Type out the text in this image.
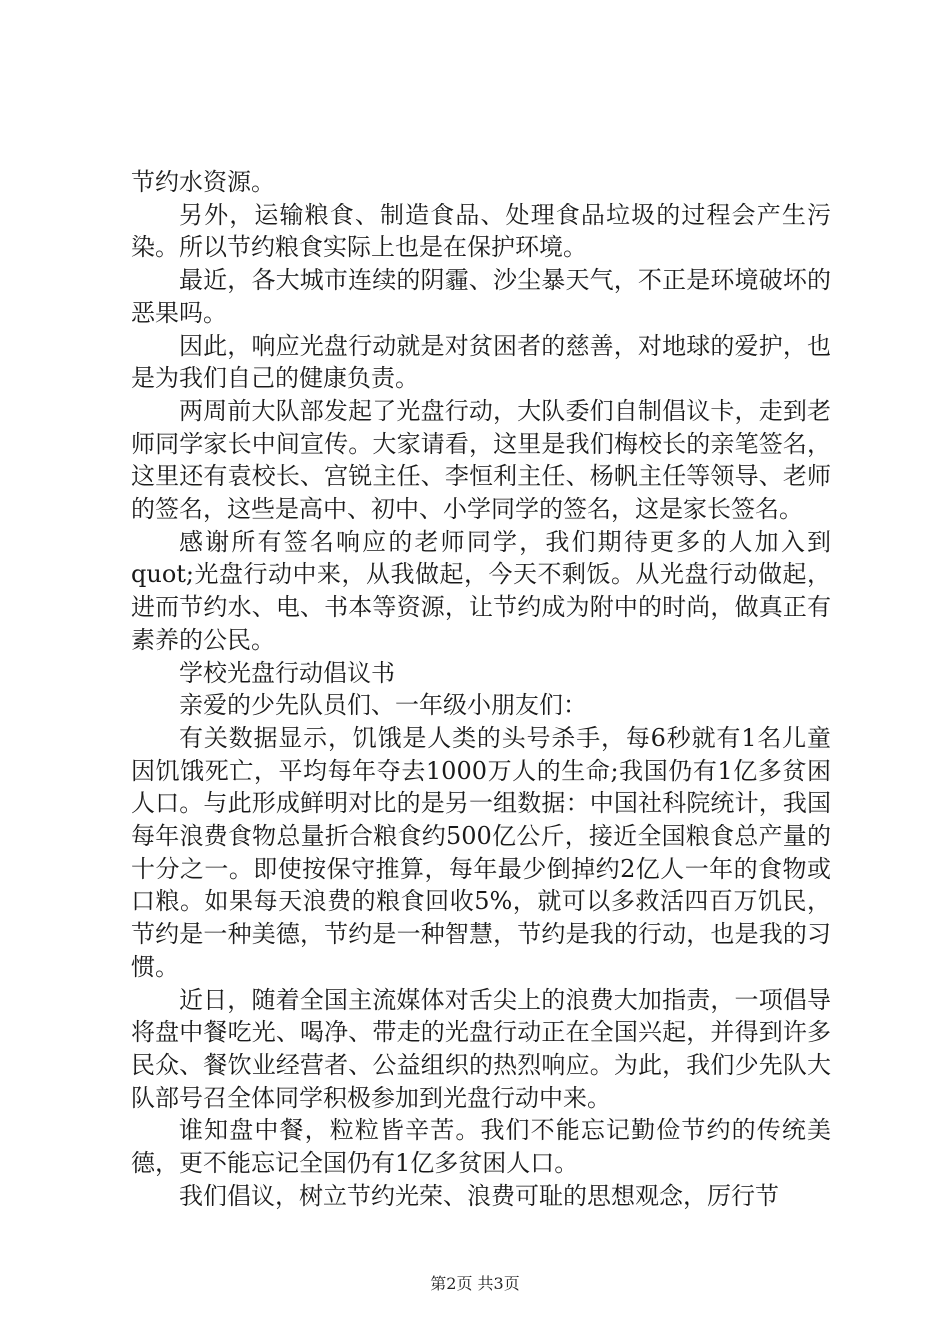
节约水资源。

另外，运输粮食、制造食品、处理食品垃圾的过程会产生污染。所以节约粮食实际上也是在保护环境。

最近，各大城市连续的阴霾、沙尘暴天气，不正是环境破坏的恶果吗。

因此，响应光盘行动就是对贫困者的慈善，对地球的爱护，也是为我们自己的健康负责。

两周前大队部发起了光盘行动，大队委们自制倡议卡，走到老师同学家长中间宣传。大家请看，这里是我们梅校长的亲笔签名，这里还有袁校长、宫锐主任、李恒利主任、杨帆主任等领导、老师的签名，这些是高中、初中、小学同学的签名，这是家长签名。

感谢所有签名响应的老师同学，我们期待更多的人加入到quot;光盘行动中来，从我做起，今天不剩饭。从光盘行动做起，进而节约水、电、书本等资源，让节约成为附中的时尚，做真正有素养的公民。

学校光盘行动倡议书

亲爱的少先队员们、一年级小朋友们：

有关数据显示，饥饿是人类的头号杀手，每6秒就有1名儿童因饥饿死亡，平均每年夺去1000万人的生命;我国仍有1亿多贫困人口。与此形成鲜明对比的是另一组数据：中国社科院统计，我国每年浪费食物总量折合粮食约500亿公斤，接近全国粮食总产量的十分之一。即使按保守推算，每年最少倒掉约2亿人一年的食物或口粮。如果每天浪费的粮食回收5%，就可以多救活四百万饥民，节约是一种美德，节约是一种智慧，节约是我的行动，也是我的习惯。

近日，随着全国主流媒体对舌尖上的浪费大加指责，一项倡导将盘中餐吃光、喝净、带走的光盘行动正在全国兴起，并得到许多民众、餐饮业经营者、公益组织的热烈响应。为此，我们少先队大队部号召全体同学积极参加到光盘行动中来。

谁知盘中餐，粒粒皆辛苦。我们不能忘记勤俭节约的传统美德，更不能忘记全国仍有1亿多贫困人口。

我们倡议，树立节约光荣、浪费可耻的思想观念，厉行节

第2页 共3页
